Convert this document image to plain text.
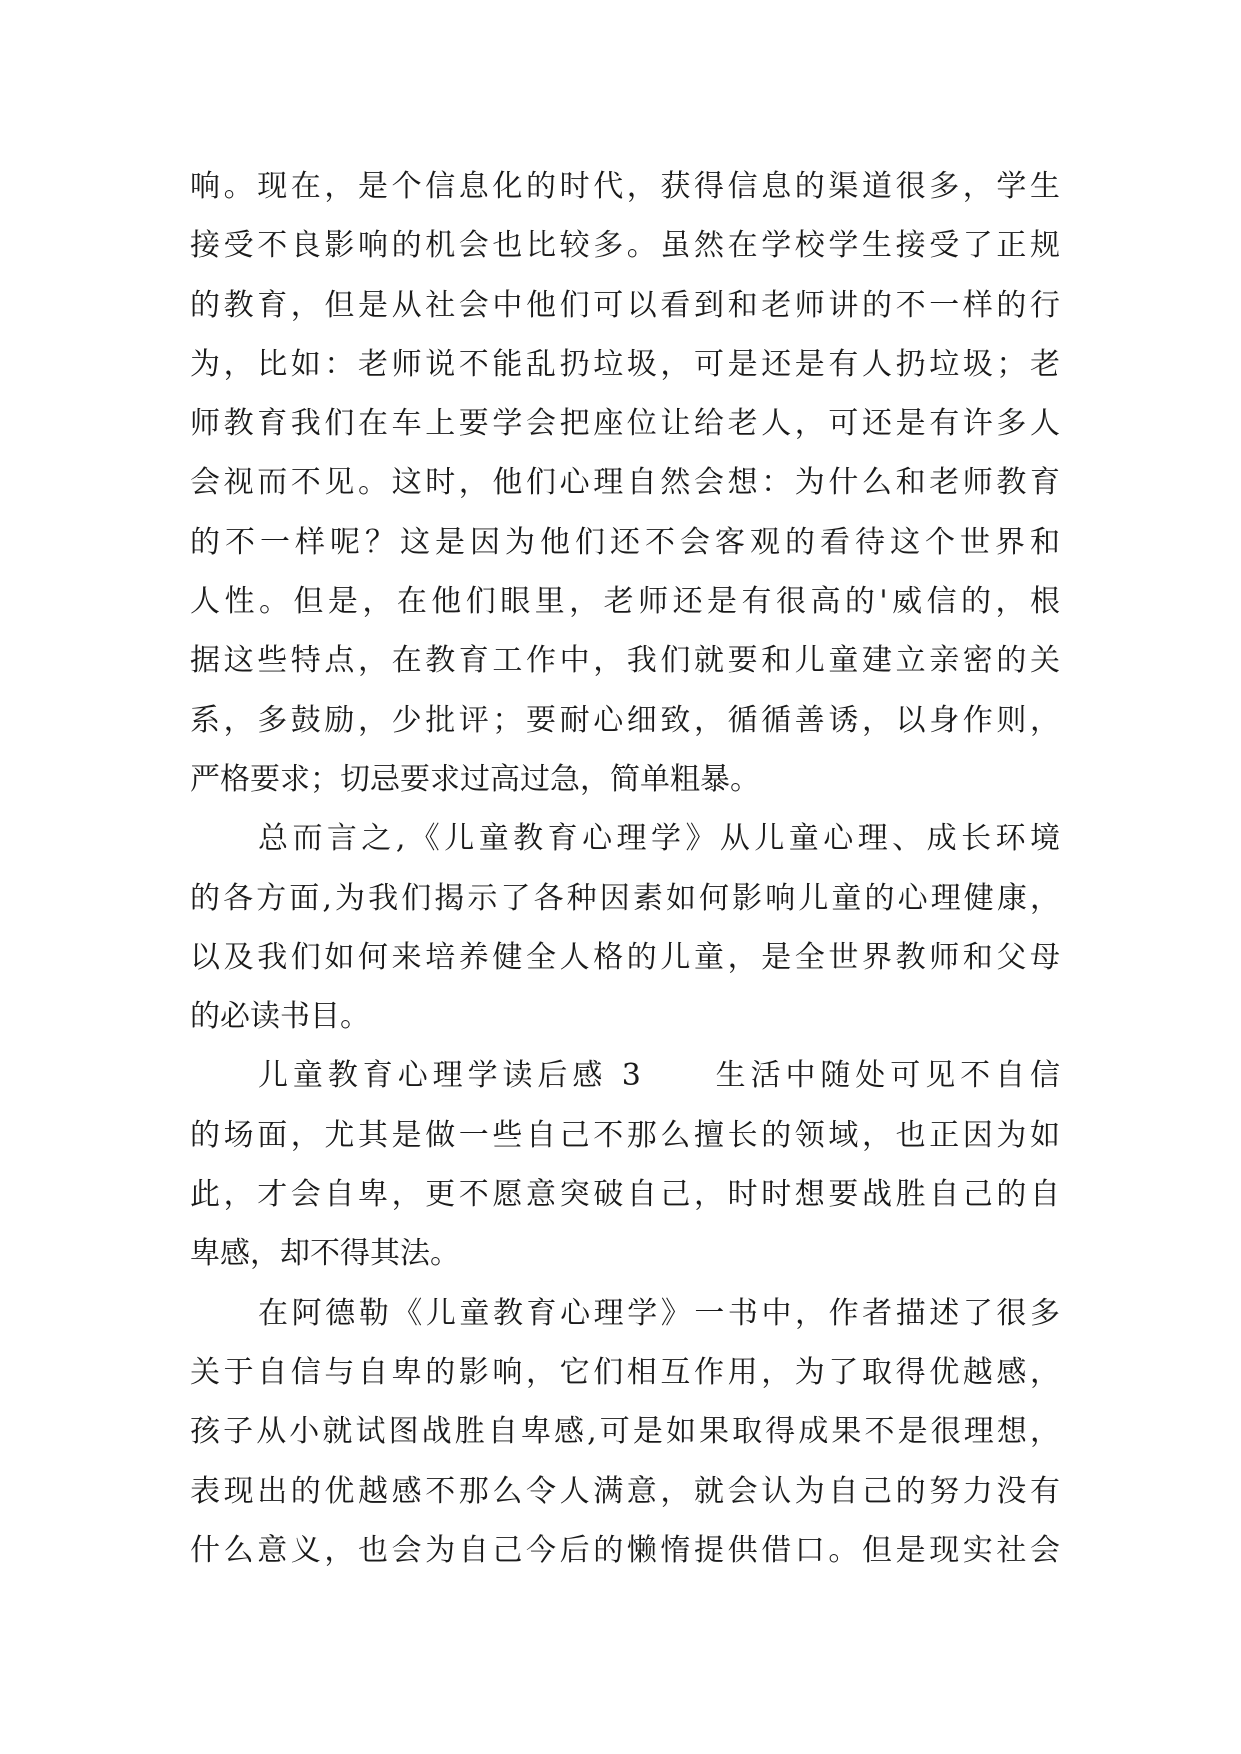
响。现在，是个信息化的时代，获得信息的渠道很多，学生
接受不良影响的机会也比较多。虽然在学校学生接受了正规
的教育，但是从社会中他们可以看到和老师讲的不一样的行
为，比如：老师说不能乱扔垃圾，可是还是有人扔垃圾；老
师教育我们在车上要学会把座位让给老人，可还是有许多人
会视而不见。这时，他们心理自然会想：为什么和老师教育
的不一样呢？这是因为他们还不会客观的看待这个世界和
人性。但是，在他们眼里，老师还是有很高的'威信的，根
据这些特点，在教育工作中，我们就要和儿童建立亲密的关
系，多鼓励，少批评；要耐心细致，循循善诱，以身作则，
严格要求；切忌要求过高过急，简单粗暴。
总而言之,《儿童教育心理学》从儿童心理、成长环境
的各方面,为我们揭示了各种因素如何影响儿童的心理健康，
以及我们如何来培养健全人格的儿童，是全世界教师和父母
的必读书目。
儿童教育心理学读后感 3　　生活中随处可见不自信
的场面，尤其是做一些自己不那么擅长的领域，也正因为如
此，才会自卑，更不愿意突破自己，时时想要战胜自己的自
卑感，却不得其法。
在阿德勒《儿童教育心理学》一书中，作者描述了很多
关于自信与自卑的影响，它们相互作用，为了取得优越感，
孩子从小就试图战胜自卑感,可是如果取得成果不是很理想，
表现出的优越感不那么令人满意，就会认为自己的努力没有
什么意义，也会为自己今后的懒惰提供借口。但是现实社会
